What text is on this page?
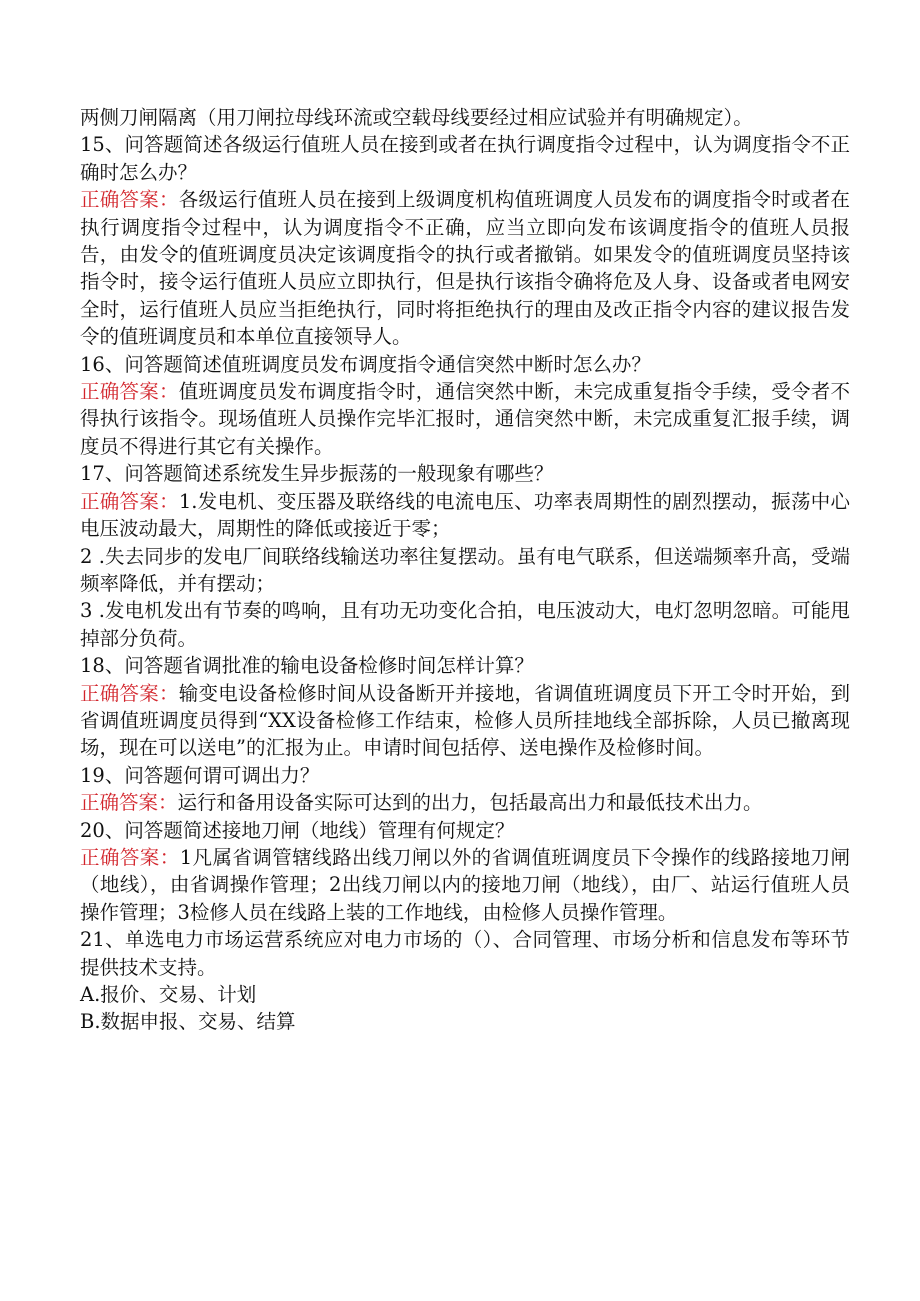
两侧刀闸隔离（用刀闸拉母线环流或空载母线要经过相应试验并有明确规定）。

15、问答题简述各级运行值班人员在接到或者在执行调度指令过程中，认为调度指令不正确时怎么办？

正确答案：各级运行值班人员在接到上级调度机构值班调度人员发布的调度指令时或者在执行调度指令过程中，认为调度指令不正确，应当立即向发布该调度指令的值班人员报告，由发令的值班调度员决定该调度指令的执行或者撤销。如果发令的值班调度员坚持该指令时，接令运行值班人员应立即执行，但是执行该指令确将危及人身、设备或者电网安全时，运行值班人员应当拒绝执行，同时将拒绝执行的理由及改正指令内容的建议报告发令的值班调度员和本单位直接领导人。

16、问答题简述值班调度员发布调度指令通信突然中断时怎么办？

正确答案：值班调度员发布调度指令时，通信突然中断，未完成重复指令手续，受令者不得执行该指令。现场值班人员操作完毕汇报时，通信突然中断，未完成重复汇报手续，调度员不得进行其它有关操作。

17、问答题简述系统发生异步振荡的一般现象有哪些？

正确答案：1.发电机、变压器及联络线的电流电压、功率表周期性的剧烈摆动，振荡中心电压波动最大，周期性的降低或接近于零；

2 .失去同步的发电厂间联络线输送功率往复摆动。虽有电气联系，但送端频率升高，受端频率降低，并有摆动；

3 .发电机发出有节奏的鸣响，且有功无功变化合拍，电压波动大，电灯忽明忽暗。可能甩掉部分负荷。

18、问答题省调批准的输电设备检修时间怎样计算？

正确答案：输变电设备检修时间从设备断开并接地，省调值班调度员下开工令时开始，到省调值班调度员得到“XX设备检修工作结束，检修人员所挂地线全部拆除，人员已撤离现场，现在可以送电”的汇报为止。申请时间包括停、送电操作及检修时间。

19、问答题何谓可调出力？

正确答案：运行和备用设备实际可达到的出力，包括最高出力和最低技术出力。

20、问答题简述接地刀闸（地线）管理有何规定？

正确答案：1凡属省调管辖线路出线刀闸以外的省调值班调度员下令操作的线路接地刀闸（地线），由省调操作管理；2出线刀闸以内的接地刀闸（地线），由厂、站运行值班人员操作管理；3检修人员在线路上装的工作地线，由检修人员操作管理。

21、单选电力市场运营系统应对电力市场的（）、合同管理、市场分析和信息发布等环节提供技术支持。

A.报价、交易、计划

B.数据申报、交易、结算
